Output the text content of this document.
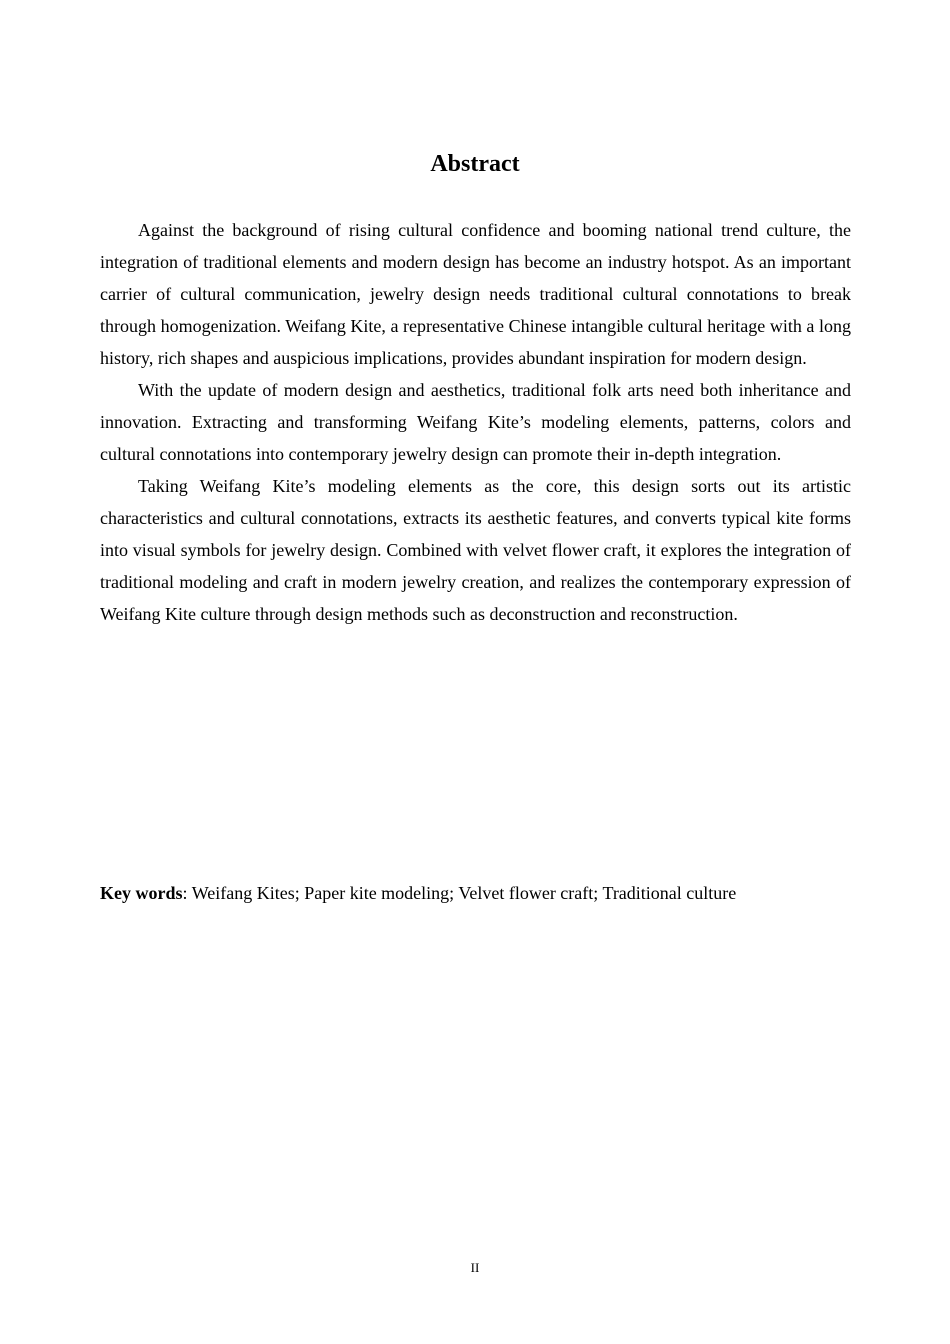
Abstract

Against the background of rising cultural confidence and booming national trend culture, the integration of traditional elements and modern design has become an industry hotspot. As an important carrier of cultural communication, jewelry design needs traditional cultural connotations to break through homogenization. Weifang Kite, a representative Chinese intangible cultural heritage with a long history, rich shapes and auspicious implications, provides abundant inspiration for modern design.

With the update of modern design and aesthetics, traditional folk arts need both inheritance and innovation. Extracting and transforming Weifang Kite’s modeling elements, patterns, colors and cultural connotations into contemporary jewelry design can promote their in-depth integration.

Taking Weifang Kite’s modeling elements as the core, this design sorts out its artistic characteristics and cultural connotations, extracts its aesthetic features, and converts typical kite forms into visual symbols for jewelry design. Combined with velvet flower craft, it explores the integration of traditional modeling and craft in modern jewelry creation, and realizes the contemporary expression of Weifang Kite culture through design methods such as deconstruction and reconstruction.

Key words: Weifang Kites; Paper kite modeling; Velvet flower craft; Traditional culture

II
